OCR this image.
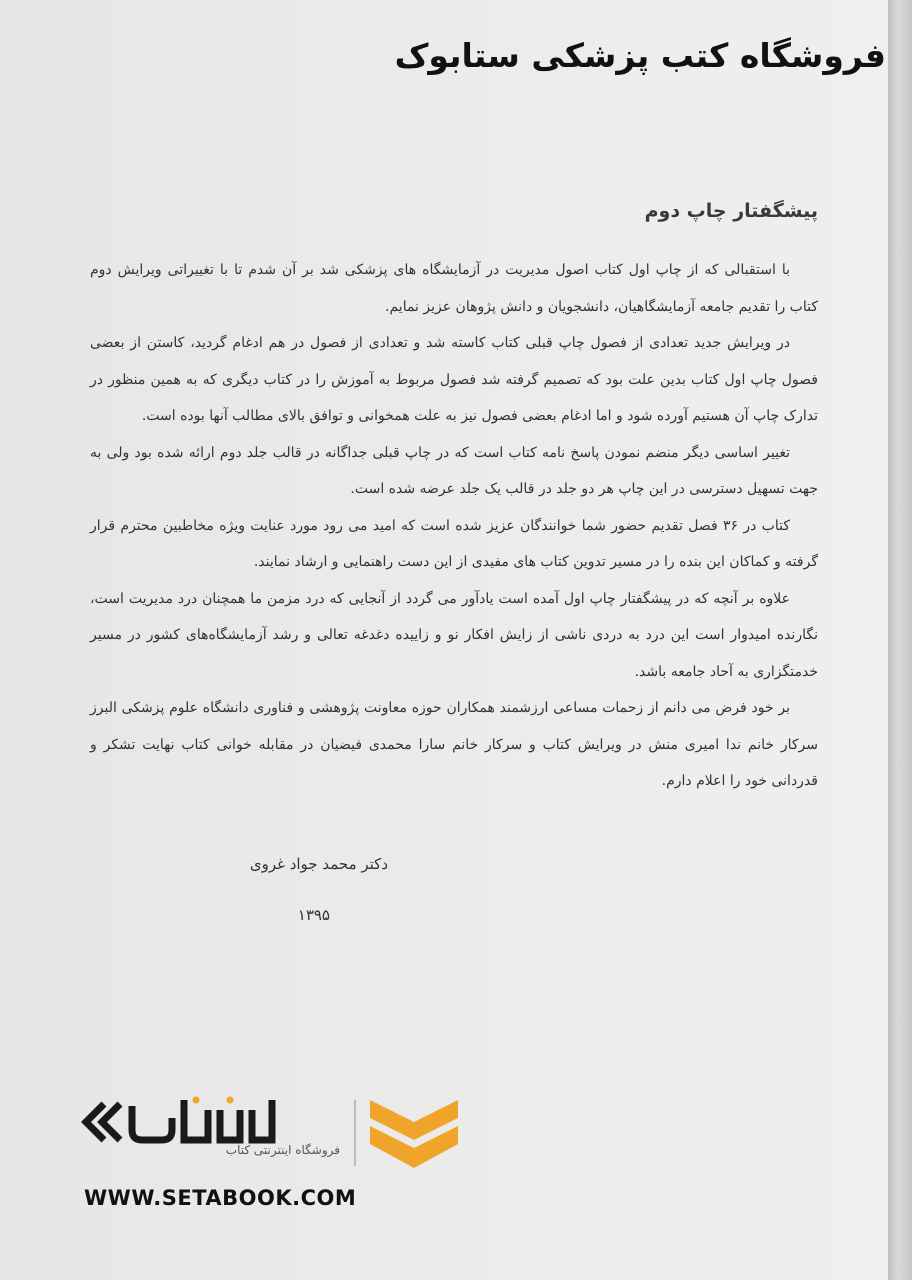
فروشگاه کتب پزشکی ستابوک
پیشگفتار چاپ دوم

با استقبالی که از چاپ اول کتاب اصول مدیریت در آزمایشگاه های پزشکی شد بر آن شدم تا با تغییراتی ویرایش دوم کتاب را تقدیم جامعه آزمایشگاهیان، دانشجویان و دانش پژوهان عزیز نمایم.

در ویرایش جدید تعدادی از فصول چاپ قبلی کتاب کاسته شد و تعدادی از فصول در هم ادغام گردید، کاستن از بعضی فصول چاپ اول کتاب بدین علت بود که تصمیم گرفته شد فصول مربوط به آموزش را در کتاب دیگری که به همین منظور در تدارک چاپ آن هستیم آورده شود و اما ادغام بعضی فصول نیز به علت همخوانی و توافق بالای مطالب آنها بوده است.

تغییر اساسی دیگر منضم نمودن پاسخ نامه کتاب است که در چاپ قبلی جداگانه در قالب جلد دوم ارائه شده بود ولی به جهت تسهیل دسترسی در این چاپ هر دو جلد در قالب یک جلد عرضه شده است.

کتاب در ۳۶ فصل تقدیم حضور شما خوانندگان عزیز شده است که امید می رود مورد عنایت ویژه مخاطبین محترم قرار گرفته و کماکان این بنده را در مسیر تدوین کتاب های مفیدی از این دست راهنمایی و ارشاد نمایند.

علاوه بر آنچه که در پیشگفتار چاپ اول آمده است یادآور می گردد از آنجایی که درد مزمن ما همچنان درد مدیریت است، نگارنده امیدوار است این درد به دردی ناشی از زایش افکار نو و زاییده دغدغه تعالی و رشد آزمایشگاه‌های کشور در مسیر خدمتگزاری به آحاد جامعه باشد.

بر خود فرض می دانم از زحمات مساعی ارزشمند همکاران حوزه معاونت پژوهشی و فناوری دانشگاه علوم پزشکی البرز سرکار خانم ندا امیری منش در ویرایش کتاب و سرکار خانم سارا محمدی فیضیان در مقابله خوانی کتاب نهایت تشکر و قدردانی خود را اعلام دارم.

دکتر محمد جواد غروی
۱۳۹۵
فروشگاه اینترنتی کتاب
WWW.SETABOOK.COM
